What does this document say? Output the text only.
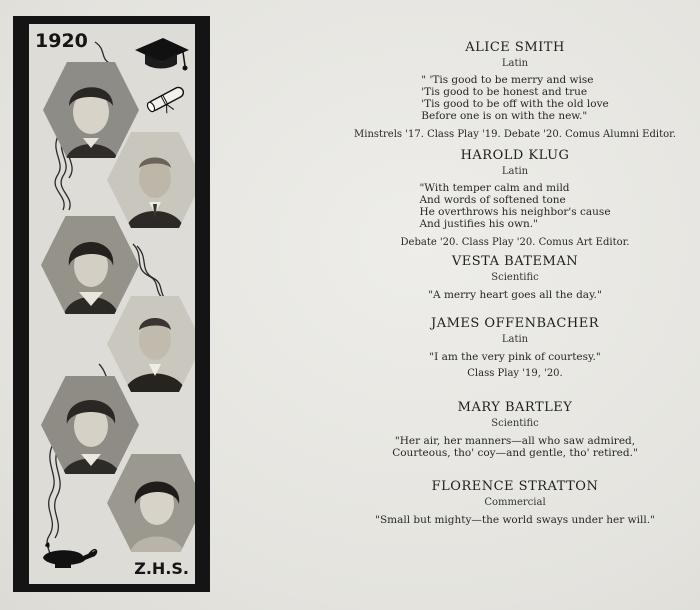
1920
Z.H.S.
ALICE SMITH
Latin
" 'Tis good to be merry and wise
'Tis good to be honest and true
'Tis good to be off with the old love
Before one is on with the new."
Minstrels '17. Class Play '19. Debate '20. Comus Alumni Editor.
HAROLD KLUG
Latin
"With temper calm and mild
And words of softened tone
He overthrows his neighbor's cause
And justifies his own."
Debate '20. Class Play '20. Comus Art Editor.
VESTA BATEMAN
Scientific
"A merry heart goes all the day."
JAMES OFFENBACHER
Latin
"I am the very pink of courtesy."
Class Play '19, '20.
MARY BARTLEY
Scientific
"Her air, her manners—all who saw admired,
Courteous, tho' coy—and gentle, tho' retired."
FLORENCE STRATTON
Commercial
"Small but mighty—the world sways under her will."
